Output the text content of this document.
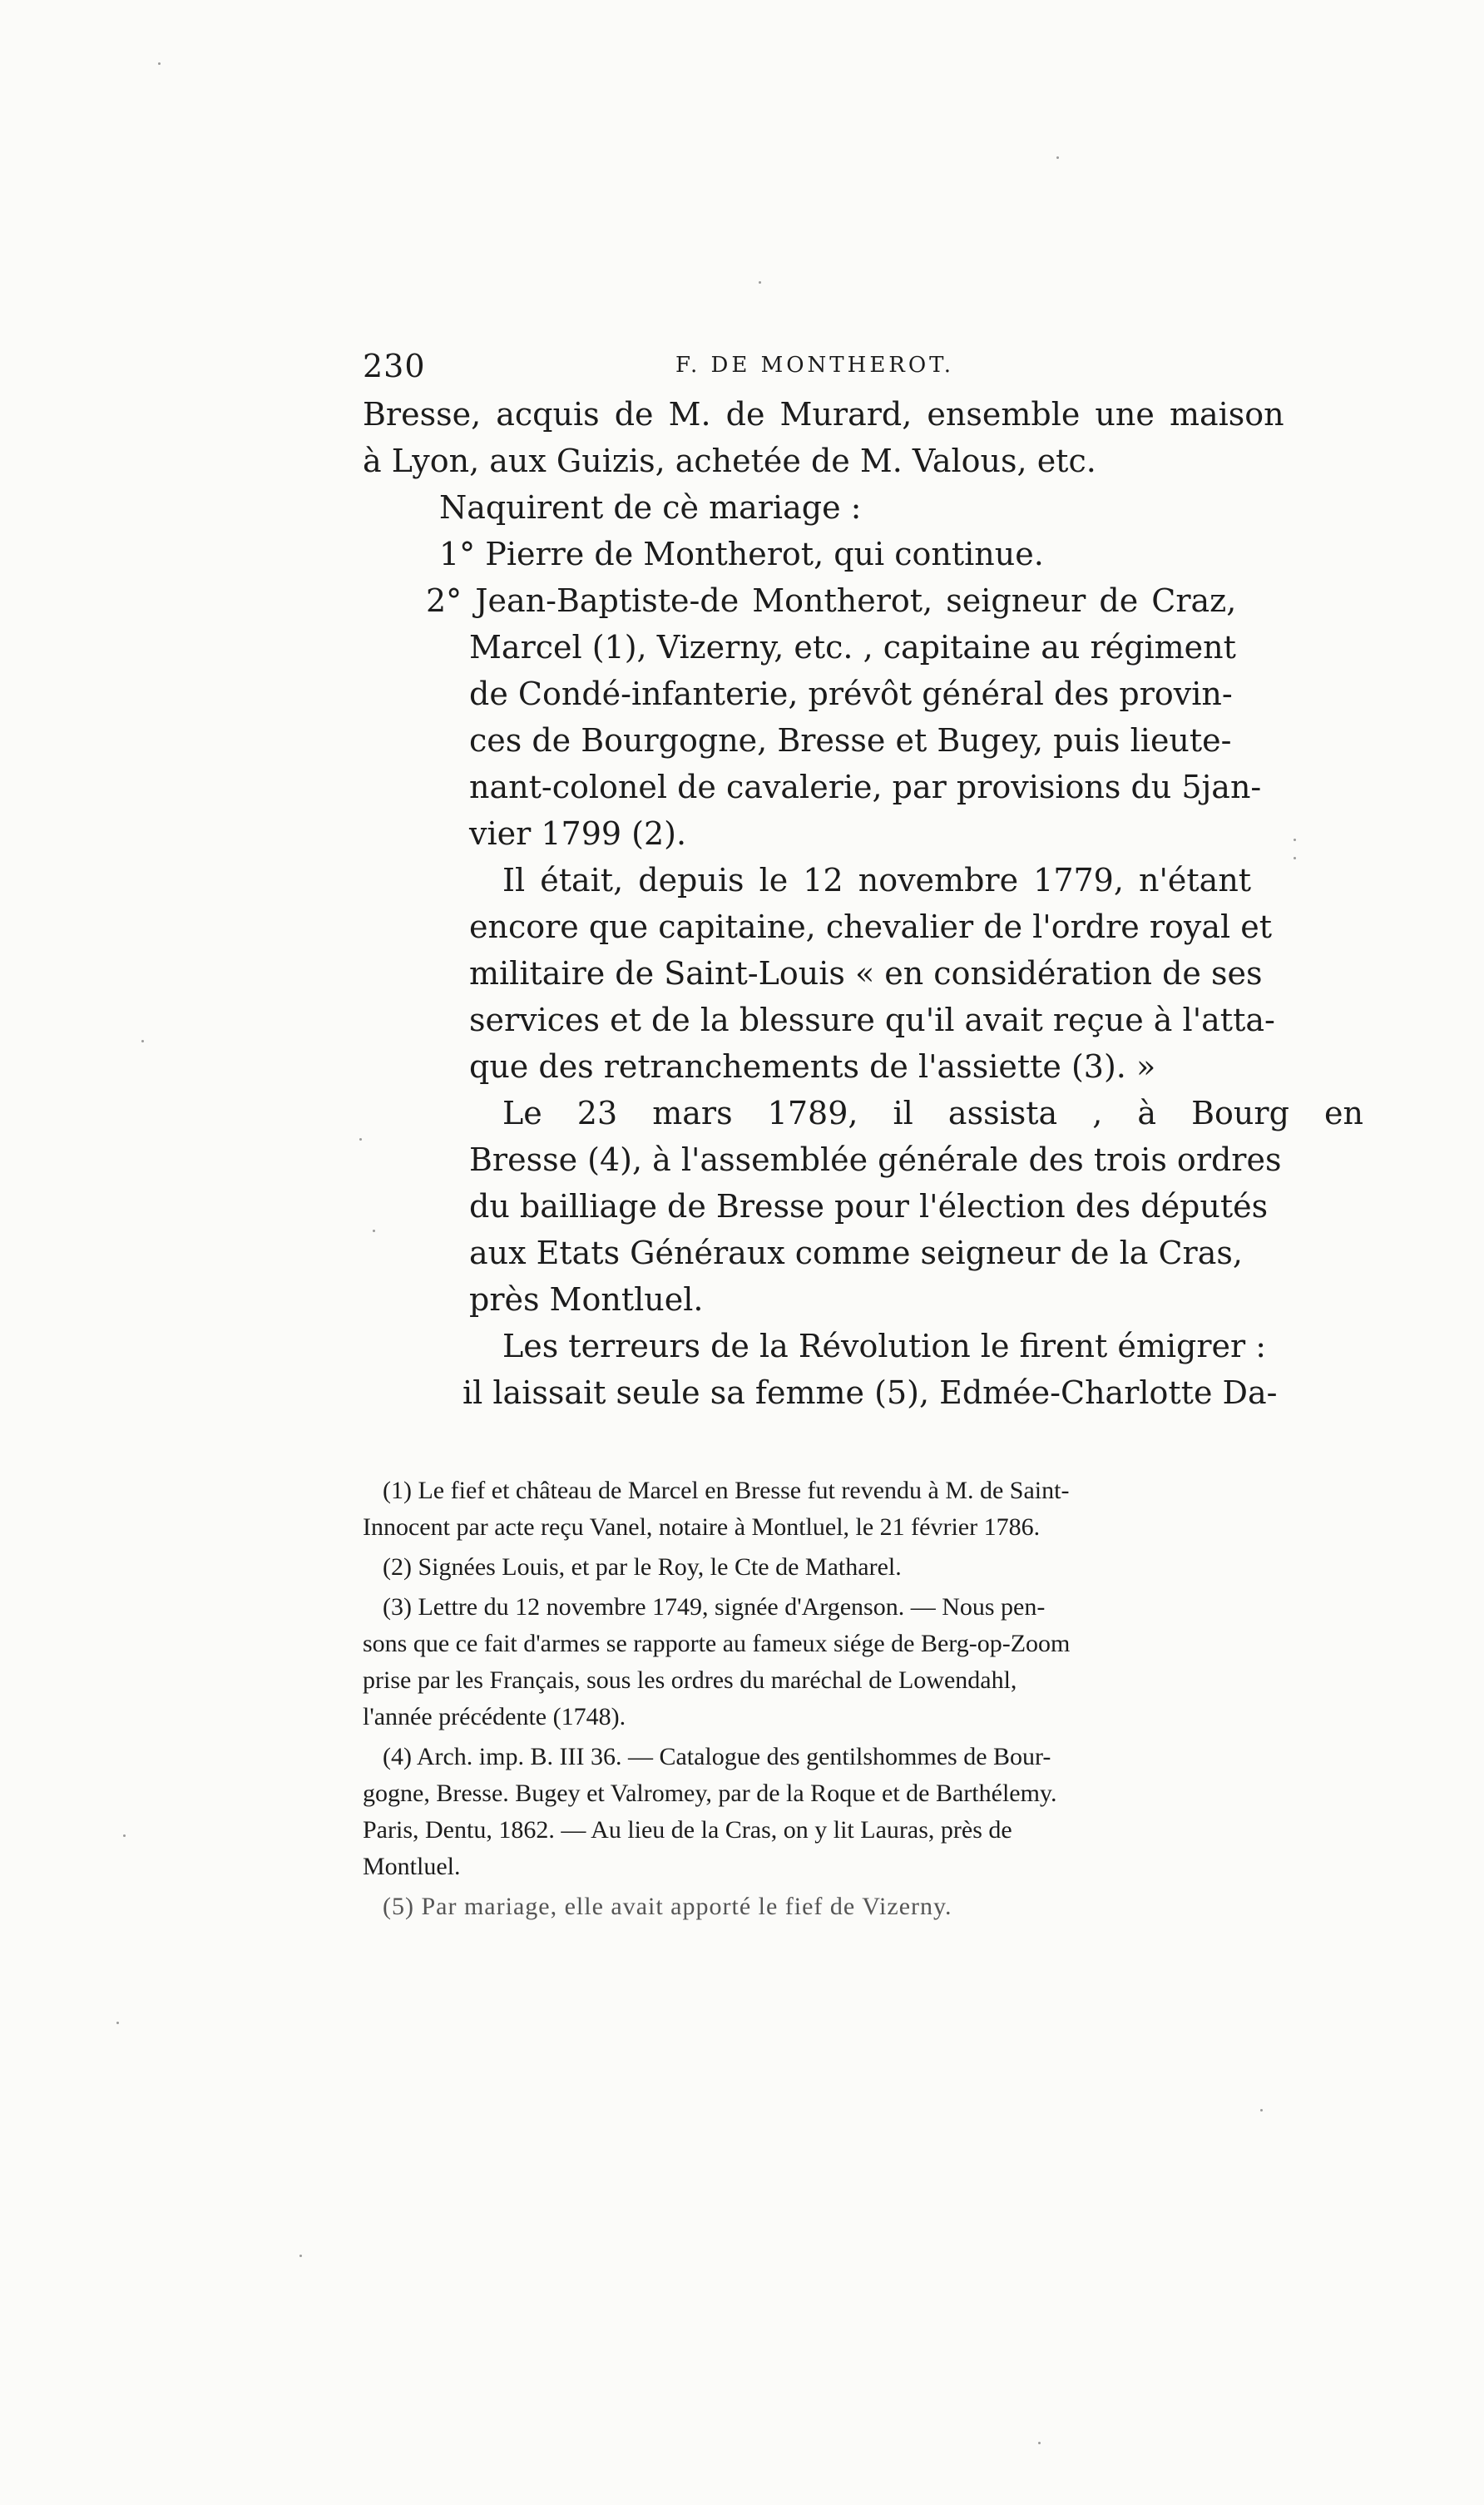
230	F. DE MONTHEROT.
Bresse, acquis de M. de Murard, ensemble une maison
à Lyon, aux Guizis, achetée de M. Valous, etc.
Naquirent de cè mariage :
1° Pierre de Montherot, qui continue.
2° Jean-Baptiste-de Montherot, seigneur de Craz,
Marcel (1), Vizerny, etc. , capitaine au régiment
de Condé-infanterie, prévôt général des provin-
ces de Bourgogne, Bresse et Bugey, puis lieute-
nant-colonel de cavalerie, par provisions du 5jan-
vier 1799 (2).
Il était, depuis le 12 novembre 1779, n'étant
encore que capitaine, chevalier de l'ordre royal et
militaire de Saint-Louis « en considération de ses
services et de la blessure qu'il avait reçue à l'atta-
que des retranchements de l'assiette (3). »
Le 23 mars 1789, il assista , à Bourg en
Bresse (4), à l'assemblée générale des trois ordres
du bailliage de Bresse pour l'élection des députés
aux Etats Généraux comme seigneur de la Cras,
près Montluel.
Les terreurs de la Révolution le firent émigrer :
il laissait seule sa femme (5), Edmée-Charlotte Da-
(1) Le fief et château de Marcel en Bresse fut revendu à M. de Saint-
Innocent par acte reçu Vanel, notaire à Montluel, le 21 février 1786.
(2) Signées Louis, et par le Roy, le Cte de Matharel.
(3) Lettre du 12 novembre 1749, signée d'Argenson. — Nous pen-
sons que ce fait d'armes se rapporte au fameux siége de Berg-op-Zoom
prise par les Français, sous les ordres du maréchal de Lowendahl,
l'année précédente (1748).
(4) Arch. imp. B. III 36. — Catalogue des gentilshommes de Bour-
gogne, Bresse. Bugey et Valromey, par de la Roque et de Barthélemy.
Paris, Dentu, 1862. — Au lieu de la Cras, on y lit Lauras, près de
Montluel.
(5) Par mariage, elle avait apporté le fief de Vizerny.
